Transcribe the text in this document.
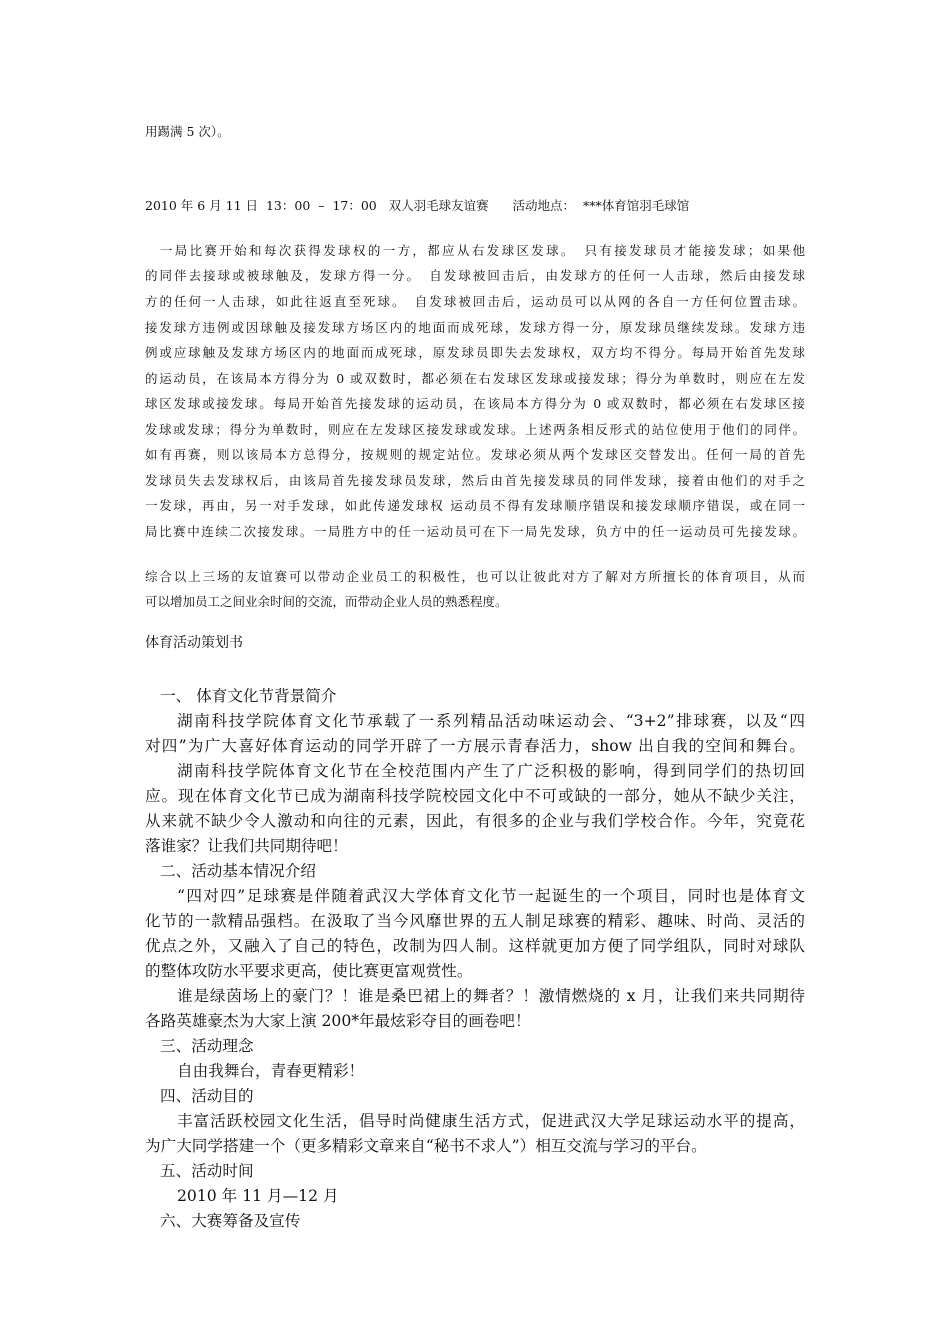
用踢满 5 次）。
2010 年 6 月 11 日  13：00  –  17：00   双人羽毛球友谊赛      活动地点：  ***体育馆羽毛球馆
　一局比赛开始和每次获得发球权的一方，都应从右发球区发球。　只有接发球员才能接发球；如果他
的同伴去接球或被球触及，发球方得一分。　自发球被回击后，由发球方的任何一人击球，然后由接发球
方的任何一人击球，如此往返直至死球。　自发球被回击后，运动员可以从网的各自一方任何位置击球。
接发球方违例或因球触及接发球方场区内的地面而成死球，发球方得一分，原发球员继续发球。发球方违
例或应球触及发球方场区内的地面而成死球，原发球员即失去发球权，双方均不得分。每局开始首先发球
的运动员，在该局本方得分为 0 或双数时，都必须在右发球区发球或接发球；得分为单数时，则应在左发
球区发球或接发球。每局开始首先接发球的运动员，在该局本方得分为 0 或双数时，都必须在右发球区接
发球或发球；得分为单数时，则应在左发球区接发球或发球。上述两条相反形式的站位使用于他们的同伴。
如有再赛，则以该局本方总得分，按规则的规定站位。发球必须从两个发球区交替发出。任何一局的首先
发球员失去发球权后，由该局首先接发球员发球，然后由首先接发球员的同伴发球，接着由他们的对手之
一发球，再由，另一对手发球，如此传递发球权 运动员不得有发球顺序错误和接发球顺序错误，或在同一
局比赛中连续二次接发球。一局胜方中的任一运动员可在下一局先发球，负方中的任一运动员可先接发球。
综合以上三场的友谊赛可以带动企业员工的积极性，也可以让彼此对方了解对方所擅长的体育项目，从而
可以增加员工之间业余时间的交流，而带动企业人员的熟悉程度。
体育活动策划书
一、 体育文化节背景简介
湖南科技学院体育文化节承载了一系列精品活动味运动会、“3+2”排球赛，以及“四
对四”为广大喜好体育运动的同学开辟了一方展示青春活力，show 出自我的空间和舞台。
湖南科技学院体育文化节在全校范围内产生了广泛积极的影响，得到同学们的热切回
应。现在体育文化节已成为湖南科技学院校园文化中不可或缺的一部分，她从不缺少关注，
从来就不缺少令人激动和向往的元素，因此，有很多的企业与我们学校合作。今年，究竟花
落谁家？让我们共同期待吧！
二、活动基本情况介绍
“四对四”足球赛是伴随着武汉大学体育文化节一起诞生的一个项目，同时也是体育文
化节的一款精品强档。在汲取了当今风靡世界的五人制足球赛的精彩、趣味、时尚、灵活的
优点之外，又融入了自己的特色，改制为四人制。这样就更加方便了同学组队，同时对球队
的整体攻防水平要求更高，使比赛更富观赏性。
谁是绿茵场上的豪门？！谁是桑巴裙上的舞者？！激情燃烧的 x 月，让我们来共同期待
各路英雄豪杰为大家上演 200*年最炫彩夺目的画卷吧！
三、活动理念
自由我舞台，青春更精彩！
四、活动目的
丰富活跃校园文化生活，倡导时尚健康生活方式，促进武汉大学足球运动水平的提高，
为广大同学搭建一个（更多精彩文章来自“秘书不求人”）相互交流与学习的平台。
五、活动时间
2010 年 11 月—12 月
六、大赛筹备及宣传
